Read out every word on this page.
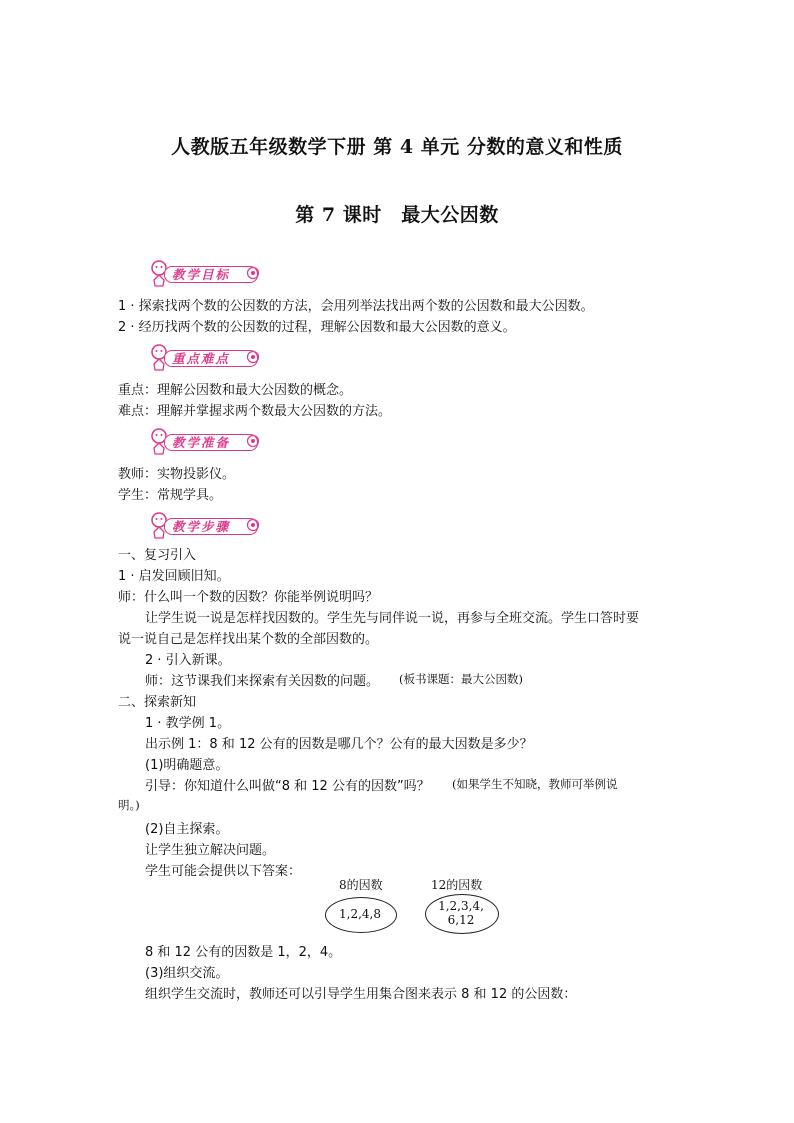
人教版五年级数学下册 第 4 单元 分数的意义和性质
第 7 课时　最大公因数
教学目标
1 · 探索找两个数的公因数的方法，会用列举法找出两个数的公因数和最大公因数。
2 · 经历找两个数的公因数的过程，理解公因数和最大公因数的意义。
重点难点
重点：理解公因数和最大公因数的概念。
难点：理解并掌握求两个数最大公因数的方法。
教学准备
教师：实物投影仪。
学生：常规学具。
教学步骤
一、复习引入
1 · 启发回顾旧知。
师：什么叫一个数的因数？你能举例说明吗？
让学生说一说是怎样找因数的。学生先与同伴说一说，再参与全班交流。学生口答时要
说一说自己是怎样找出某个数的全部因数的。
2 · 引入新课。
师：这节课我们来探索有关因数的问题。 (板书课题：最大公因数)
二、探索新知
1 · 教学例 1。
出示例 1：8 和 12 公有的因数是哪几个？公有的最大因数是多少？
(1)明确题意。
引导：你知道什么叫做“8 和 12 公有的因数”吗？ (如果学生不知晓，教师可举例说
明。)
(2)自主探索。
让学生独立解决问题。
学生可能会提供以下答案：
8的因数	12的因数
1,2,4,8
1,2,3,4,
6,12
8 和 12 公有的因数是 1，2，4。
(3)组织交流。
组织学生交流时，教师还可以引导学生用集合图来表示 8 和 12 的公因数：
